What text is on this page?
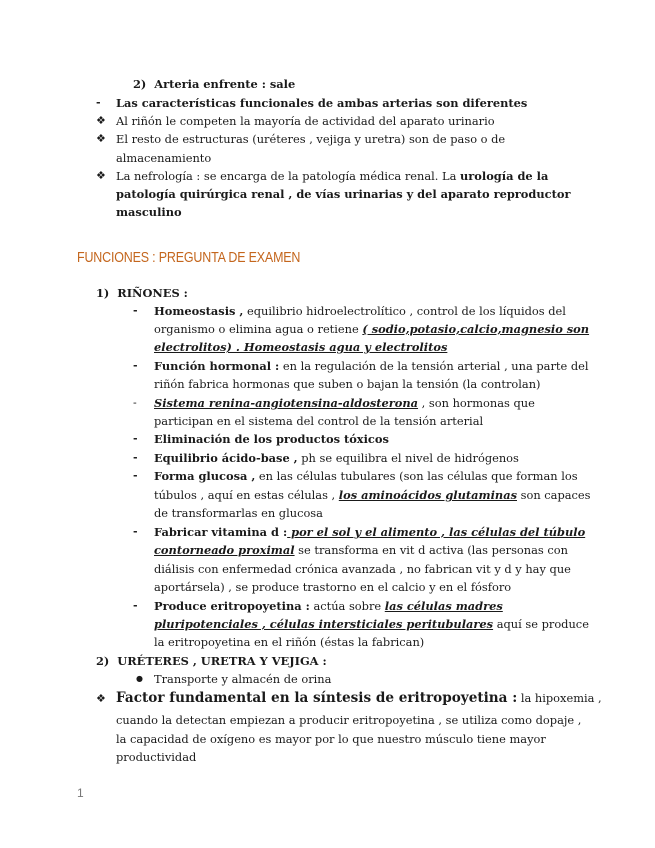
2) Arteria enfrente : sale
- Las características funcionales de ambas arterias son diferentes
❖ Al riñón le competen la mayoría de actividad del aparato urinario
❖ El resto de estructuras (uréteres , vejiga y uretra) son de paso o de
almacenamiento
❖ La nefrología : se encarga de la patología médica renal. La urología de la
patología quirúrgica renal , de vías urinarias y del aparato reproductor
masculino
FUNCIONES : PREGUNTA DE EXAMEN
1) RIÑONES :
- Homeostasis , equilibrio hidroelectrolítico , control de los líquidos del
organismo o elimina agua o retiene ( sodio,potasio,calcio,magnesio son
electrolitos) . Homeostasis agua y electrolitos
- Función hormonal : en la regulación de la tensión arterial , una parte del
riñón fabrica hormonas que suben o bajan la tensión (la controlan)
- Sistema renina-angiotensina-aldosterona , son hormonas que
participan en el sistema del control de la tensión arterial
- Eliminación de los productos tóxicos
- Equilibrio ácido-base , ph se equilibra el nivel de hidrógenos
- Forma glucosa , en las células tubulares (son las células que forman los
túbulos , aquí en estas células , los aminoácidos glutaminas son capaces
de transformarlas en glucosa
- Fabricar vitamina d : por el sol y el alimento , las células del túbulo
contorneado proximal se transforma en vit d activa (las personas con
diálisis con enfermedad crónica avanzada , no fabrican vit y d y hay que
aportársela) , se produce trastorno en el calcio y en el fósforo
- Produce eritropoyetina : actúa sobre las células madres
pluripotenciales , células intersticiales peritubulares aquí se produce
la eritropoyetina en el riñón (éstas la fabrican)
2) URÉTERES , URETRA Y VEJIGA :
● Transporte y almacén de orina
❖ Factor fundamental en la síntesis de eritropoyetina : la hipoxemia ,
cuando la detectan empiezan a producir eritropoyetina , se utiliza como dopaje ,
la capacidad de oxígeno es mayor por lo que nuestro músculo tiene mayor
productividad
1
